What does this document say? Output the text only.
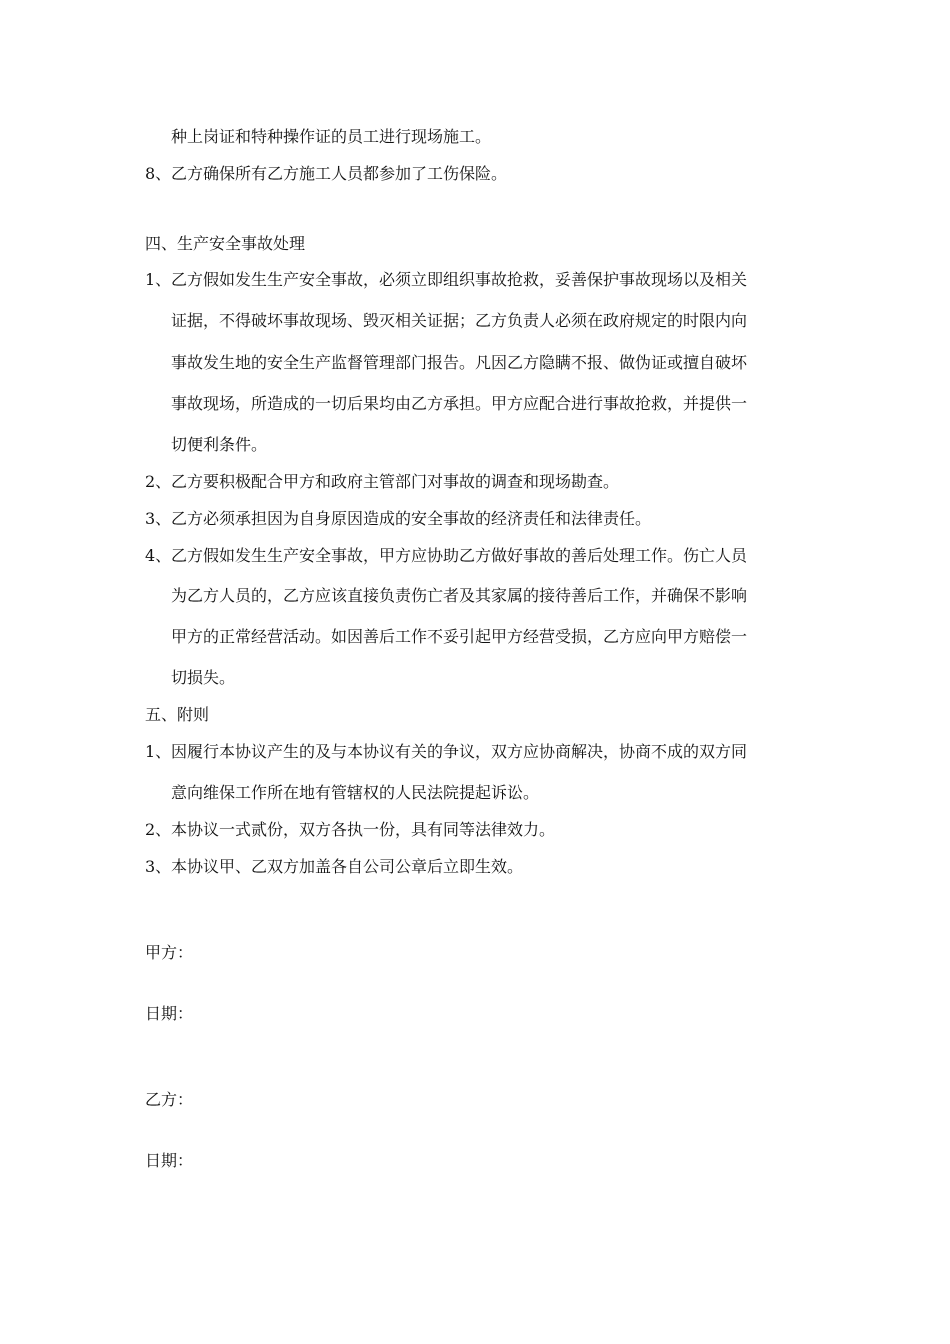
种上岗证和特种操作证的员工进行现场施工。
8、 乙方确保所有乙方施工人员都参加了工伤保险。
四、生产安全事故处理
1、 乙方假如发生生产安全事故，必须立即组织事故抢救，妥善保护事故现场以及相关
证据，不得破坏事故现场、毁灭相关证据；乙方负责人必须在政府规定的时限内向
事故发生地的安全生产监督管理部门报告。凡因乙方隐瞒不报、做伪证或擅自破坏
事故现场，所造成的一切后果均由乙方承担。甲方应配合进行事故抢救，并提供一
切便利条件。
2、 乙方要积极配合甲方和政府主管部门对事故的调查和现场勘查。
3、 乙方必须承担因为自身原因造成的安全事故的经济责任和法律责任。
4、 乙方假如发生生产安全事故，甲方应协助乙方做好事故的善后处理工作。伤亡人员
为乙方人员的，乙方应该直接负责伤亡者及其家属的接待善后工作，并确保不影响
甲方的正常经营活动。如因善后工作不妥引起甲方经营受损，乙方应向甲方赔偿一
切损失。
五、附则
1、 因履行本协议产生的及与本协议有关的争议，双方应协商解决，协商不成的双方同
意向维保工作所在地有管辖权的人民法院提起诉讼。
2、 本协议一式贰份，双方各执一份，具有同等法律效力。
3、 本协议甲、乙双方加盖各自公司公章后立即生效。
甲方：
日期：
乙方：
日期：
